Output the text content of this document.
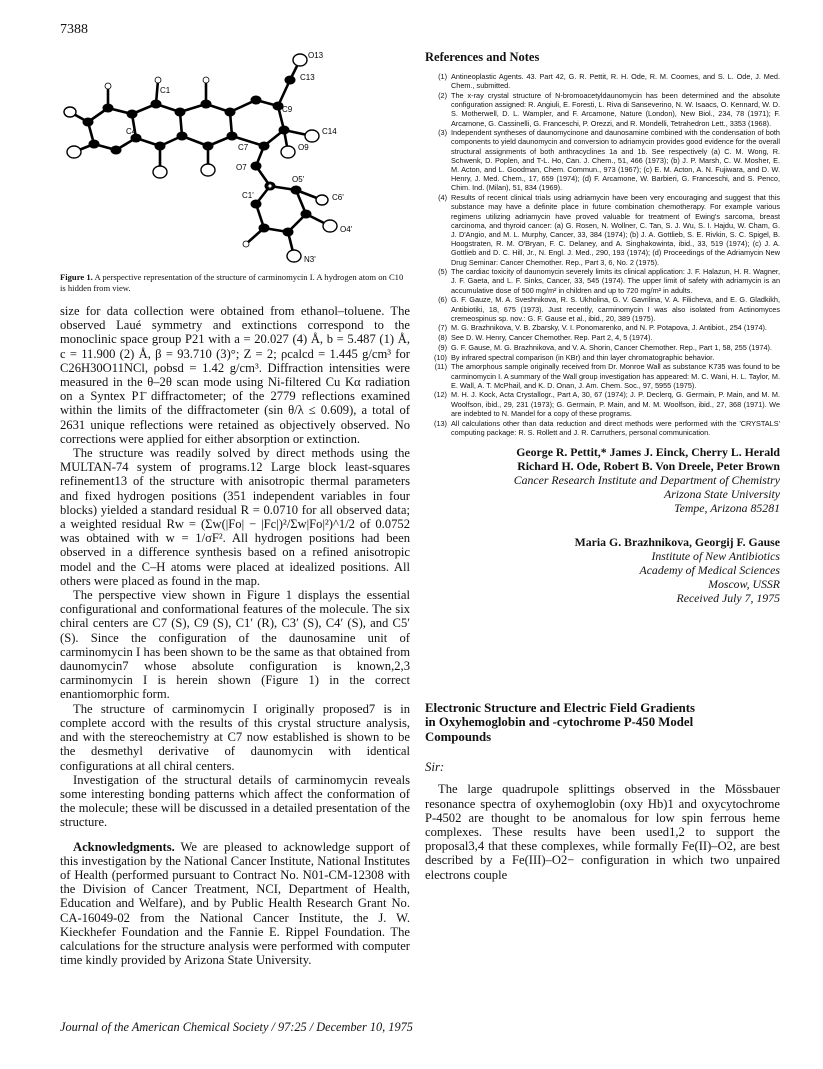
7388
O13
C13
C1
C9
C14
C4
O9
C7
O7
O5'
C6'
C1'
O4'
N3'

Figure 1. A perspective representation of the structure of carminomycin I. A hydrogen atom on C10 is hidden from view.

size for data collection were obtained from ethanol–toluene. The observed Laué symmetry and extinctions correspond to the monoclinic space group P21 with a = 20.027 (4) Å, b = 5.487 (1) Å, c = 11.900 (2) Å, β = 93.710 (3)°; Z = 2; ρcalcd = 1.445 g/cm³ for C26H30O11NCl, ρobsd = 1.42 g/cm³. Diffraction intensities were measured in the θ–2θ scan mode using Ni-filtered Cu Kα radiation on a Syntex P1̄ diffractometer; of the 2779 reflections examined within the limits of the diffractometer (sin θ/λ ≤ 0.609), a total of 2631 unique reflections were retained as objectively observed. No corrections were applied for either absorption or extinction.

The structure was readily solved by direct methods using the MULTAN-74 system of programs.12 Large block least-squares refinement13 of the structure with anisotropic thermal parameters and fixed hydrogen positions (351 independent variables in four blocks) yielded a standard residual R = 0.0710 for all observed data; a weighted residual Rw = (Σw(|Fo| − |Fc|)²/Σw|Fo|²)^1/2 of 0.0752 was obtained with w = 1/σF². All hydrogen positions had been observed in a difference synthesis based on a refined anisotropic model and the C–H atoms were placed at idealized positions. All others were placed as found in the map.

The perspective view shown in Figure 1 displays the essential configurational and conformational features of the molecule. The six chiral centers are C7 (S), C9 (S), C1′ (R), C3′ (S), C4′ (S), and C5′ (S). Since the configuration of the daunosamine unit of carminomycin I has been shown to be the same as that obtained from daunomycin7 whose absolute configuration is known,2,3 carminomycin I is herein shown (Figure 1) in the correct enantiomorphic form.

The structure of carminomycin I originally proposed7 is in complete accord with the results of this crystal structure analysis, and with the stereochemistry at C7 now established is shown to be the desmethyl derivative of daunomycin with identical configurations at all chiral centers.

Investigation of the structural details of carminomycin reveals some interesting bonding patterns which affect the conformation of the molecule; these will be discussed in a detailed presentation of the structure.

Acknowledgments. We are pleased to acknowledge support of this investigation by the National Cancer Institute, National Institutes of Health (performed pursuant to Contract No. N01-CM-12308 with the Division of Cancer Treatment, NCI, Department of Health, Education and Welfare), and by Public Health Research Grant No. CA-16049-02 from the National Cancer Institute, the J. W. Kieckhefer Foundation and the Fannie E. Rippel Foundation. The calculations for the structure analysis were performed with computer time kindly provided by Arizona State University.

References and Notes
(1) Antineoplastic Agents. 43. Part 42, G. R. Pettit, R. H. Ode, R. M. Coomes, and S. L. Ode, J. Med. Chem., submitted.
(2) The x-ray crystal structure of N-bromoacetyldaunomycin has been determined and the absolute configuration assigned: R. Angiuli, E. Foresti, L. Riva di Sanseverino, N. W. Isaacs, O. Kennard, W. D. S. Motherwell, D. L. Wampler, and F. Arcamone, Nature (London), New Biol., 234, 78 (1971); F. Arcamone, G. Cassinelli, G. Franceschi, P. Orezzi, and R. Mondelli, Tetrahedron Lett., 3353 (1968).
(3) Independent syntheses of daunomycinone and daunosamine combined with the condensation of both components to yield daunomycin and conversion to adriamycin provides good evidence for the overall structural assignments of both anthracyclines 1a and 1b. See respectively (a) C. M. Wong, R. Schwenk, D. Poplen, and T-L. Ho, Can. J. Chem., 51, 466 (1973); (b) J. P. Marsh, C. W. Mosher, E. M. Acton, and L. Goodman, Chem. Commun., 973 (1967); (c) E. M. Acton, A. N. Fujiwara, and D. W. Henry, J. Med. Chem., 17, 659 (1974); (d) F. Arcamone, W. Barbieri, G. Franceschi, and S. Penco, Chim. Ind. (Milan), 51, 834 (1969).
(4) Results of recent clinical trials using adriamycin have been very encouraging and suggest that this substance may have a definite place in future combination chemotherapy. For example various regimens utilizing adriamycin have proved valuable for treatment of Ewing's sarcoma, breast carcinoma, and thyroid cancer: (a) G. Rosen, N. Wollner, C. Tan, S. J. Wu, S. I. Hajdu, W. Cham, G. J. D'Angio, and M. L. Murphy, Cancer, 33, 384 (1974); (b) J. A. Gottlieb, S. E. Rivkin, S. C. Spigel, B. Hoogstraten, R. M. O'Bryan, F. C. Delaney, and A. Singhakowinta, ibid., 33, 519 (1974); (c) J. A. Gottlieb and D. C. Hill, Jr., N. Engl. J. Med., 290, 193 (1974); (d) Proceedings of the Adriamycin New Drug Seminar: Cancer Chemother. Rep., Part 3, 6, No. 2 (1975).
(5) The cardiac toxicity of daunomycin severely limits its clinical application: J. F. Halazun, H. R. Wagner, J. F. Gaeta, and L. F. Sinks, Cancer, 33, 545 (1974). The upper limit of safety with adriamycin is an accumulative dose of 500 mg/m² in children and up to 720 mg/m² in adults.
(6) G. F. Gauze, M. A. Sveshnikova, R. S. Ukholina, G. V. Gavrilina, V. A. Filicheva, and E. G. Gladkikh, Antibiotiki, 18, 675 (1973). Just recently, carminomycin I was also isolated from Actinomyces cremeospinus sp. nov.: G. F. Gause et al., ibid., 20, 389 (1975).
(7) M. G. Brazhnikova, V. B. Zbarsky, V. I. Ponomarenko, and N. P. Potapova, J. Antibiot., 254 (1974).
(8) See D. W. Henry, Cancer Chemother. Rep. Part 2, 4, 5 (1974).
(9) G. F. Gause, M. G. Brazhnikova, and V. A. Shorin, Cancer Chemother. Rep., Part 1, 58, 255 (1974).
(10) By infrared spectral comparison (in KBr) and thin layer chromatographic behavior.
(11) The amorphous sample originally received from Dr. Monroe Wall as substance K735 was found to be carminomycin I. A summary of the Wall group investigation has appeared: M. C. Wani, H. L. Taylor, M. E. Wall, A. T. McPhail, and K. D. Onan, J. Am. Chem. Soc., 97, 5955 (1975).
(12) M. H. J. Kock, Acta Crystallogr., Part A, 30, 67 (1974); J. P. Declerq, G. Germain, P. Main, and M. M. Woolfson, ibid., 29, 231 (1973); G. Germain, P. Main, and M. M. Woolfson, ibid., 27, 368 (1971). We are indebted to N. Mandel for a copy of these programs.
(13) All calculations other than data reduction and direct methods were performed with the 'CRYSTALS' computing package: R. S. Rollett and J. R. Carruthers, personal communication.
George R. Pettit,* James J. Einck, Cherry L. Herald
Richard H. Ode, Robert B. Von Dreele, Peter Brown
Cancer Research Institute and Department of Chemistry
Arizona State University
Tempe, Arizona 85281
Maria G. Brazhnikova, Georgij F. Gause
Institute of New Antibiotics
Academy of Medical Sciences
Moscow, USSR
Received July 7, 1975
Electronic Structure and Electric Field Gradients
in Oxyhemoglobin and -cytochrome P-450 Model
Compounds
Sir:
The large quadrupole splittings observed in the Mössbauer resonance spectra of oxyhemoglobin (oxy Hb)1 and oxycytochrome P-4502 are thought to be anomalous for low spin ferrous heme complexes. These results have been used1,2 to support the proposal3,4 that these complexes, while formally Fe(II)–O2, are best described by a Fe(III)–O2− configuration in which two unpaired electrons couple
Journal of the American Chemical Society / 97:25 / December 10, 1975
